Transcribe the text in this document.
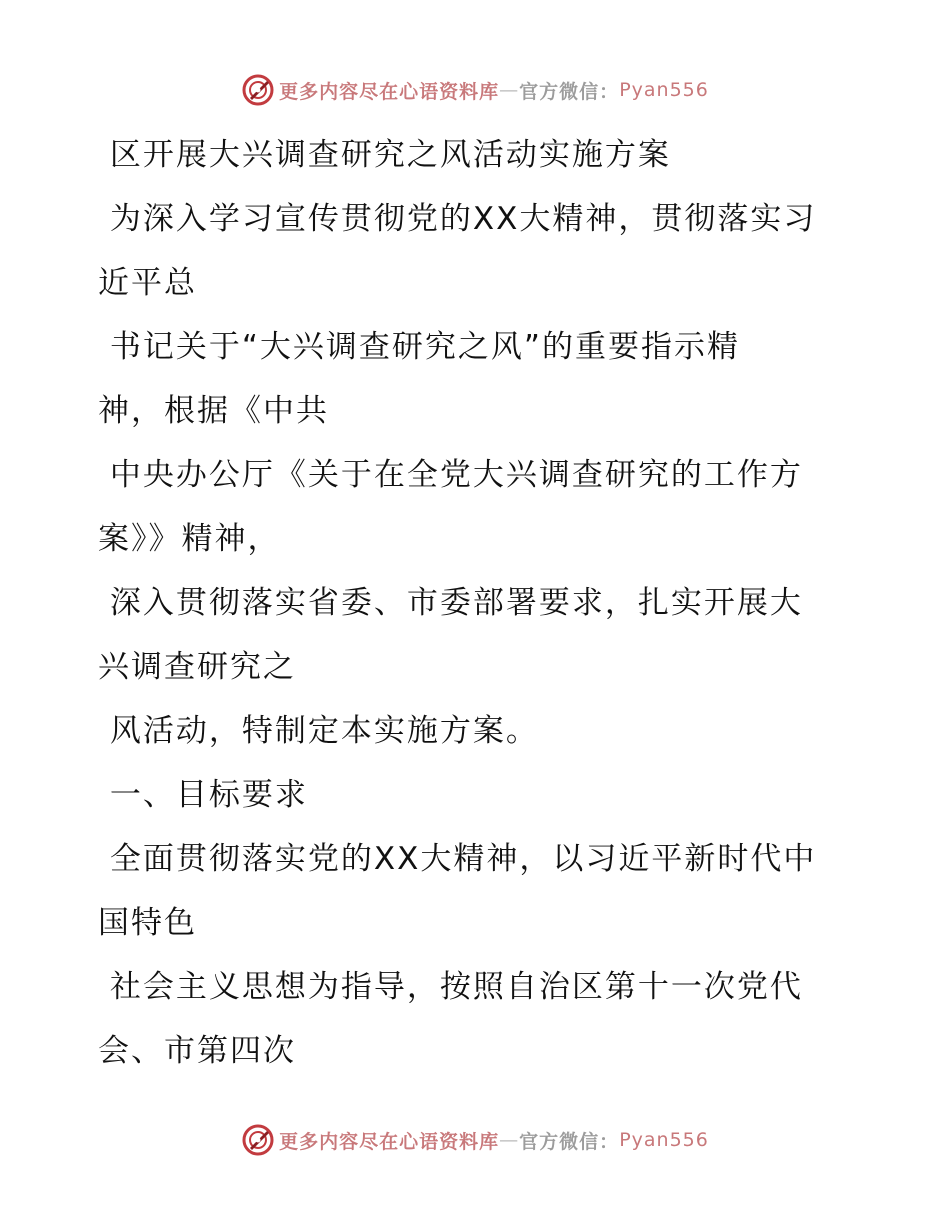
更多内容尽在心语资料库 — 官方微信： Pyan556

区开展大兴调查研究之风活动实施方案

为深入学习宣传贯彻党的XX大精神，贯彻落实习

近平总

书记关于“大兴调查研究之风”的重要指示精

神，根据《中共

中央办公厅《关于在全党大兴调查研究的工作方

案》》精神，

深入贯彻落实省委、市委部署要求，扎实开展大

兴调查研究之

风活动，特制定本实施方案。

一、目标要求

全面贯彻落实党的XX大精神，以习近平新时代中

国特色

社会主义思想为指导，按照自治区第十一次党代

会、市第四次

更多内容尽在心语资料库 — 官方微信： Pyan556
